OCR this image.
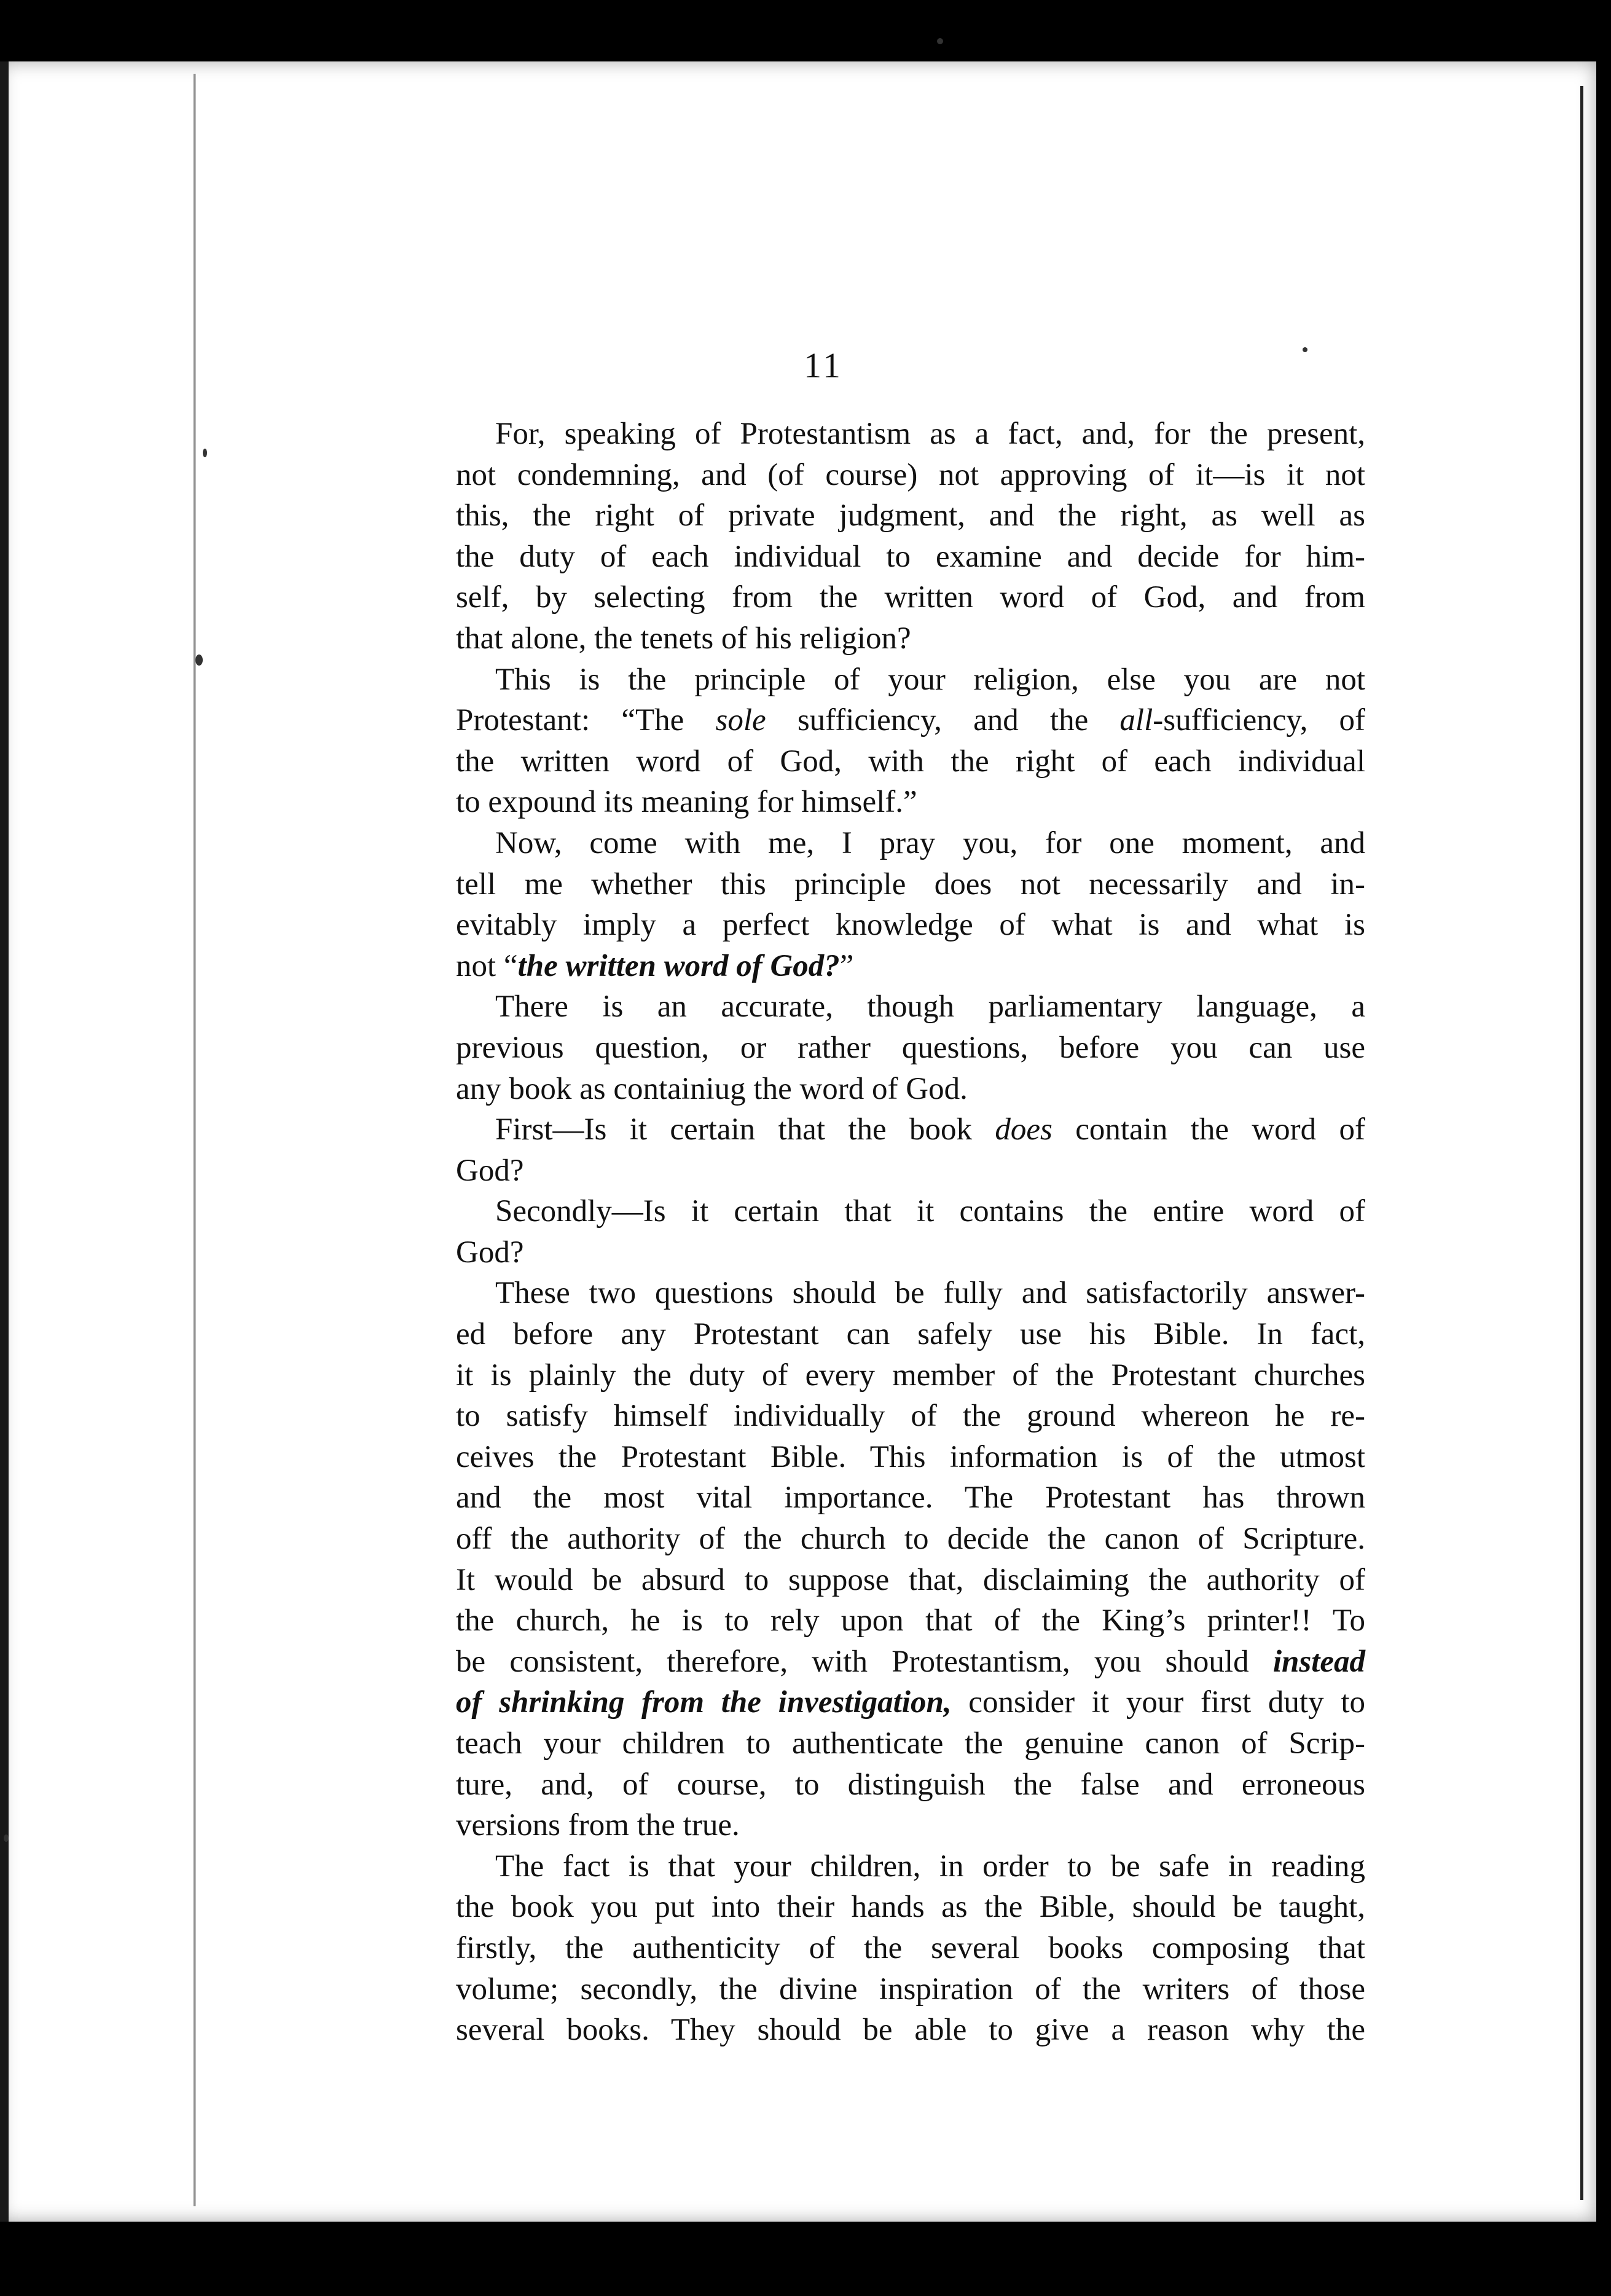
11

For, speaking of Protestantism as a fact, and, for the present,
not condemning, and (of course) not approving of it—is it not
this, the right of private judgment, and the right, as well as
the duty of each individual to examine and decide for him-
self, by selecting from the written word of God, and from
that alone, the tenets of his religion?

This is the principle of your religion, else you are not
Protestant: “The sole sufficiency, and the all-sufficiency, of
the written word of God, with the right of each individual
to expound its meaning for himself.”

Now, come with me, I pray you, for one moment, and
tell me whether this principle does not necessarily and in-
evitably imply a perfect knowledge of what is and what is
not “the written word of God?”

There is an accurate, though parliamentary language, a
previous question, or rather questions, before you can use
any book as containiug the word of God.

First—Is it certain that the book does contain the word of
God?

Secondly—Is it certain that it contains the entire word of
God?

These two questions should be fully and satisfactorily answer-
ed before any Protestant can safely use his Bible. In fact,
it is plainly the duty of every member of the Protestant churches
to satisfy himself individually of the ground whereon he re-
ceives the Protestant Bible. This information is of the utmost
and the most vital importance. The Protestant has thrown
off the authority of the church to decide the canon of Scripture.
It would be absurd to suppose that, disclaiming the authority of
the church, he is to rely upon that of the King’s printer!! To
be consistent, therefore, with Protestantism, you should instead
of shrinking from the investigation, consider it your first duty to
teach your children to authenticate the genuine canon of Scrip-
ture, and, of course, to distinguish the false and erroneous
versions from the true.

The fact is that your children, in order to be safe in reading
the book you put into their hands as the Bible, should be taught,
firstly, the authenticity of the several books composing that
volume; secondly, the divine inspiration of the writers of those
several books. They should be able to give a reason why the
